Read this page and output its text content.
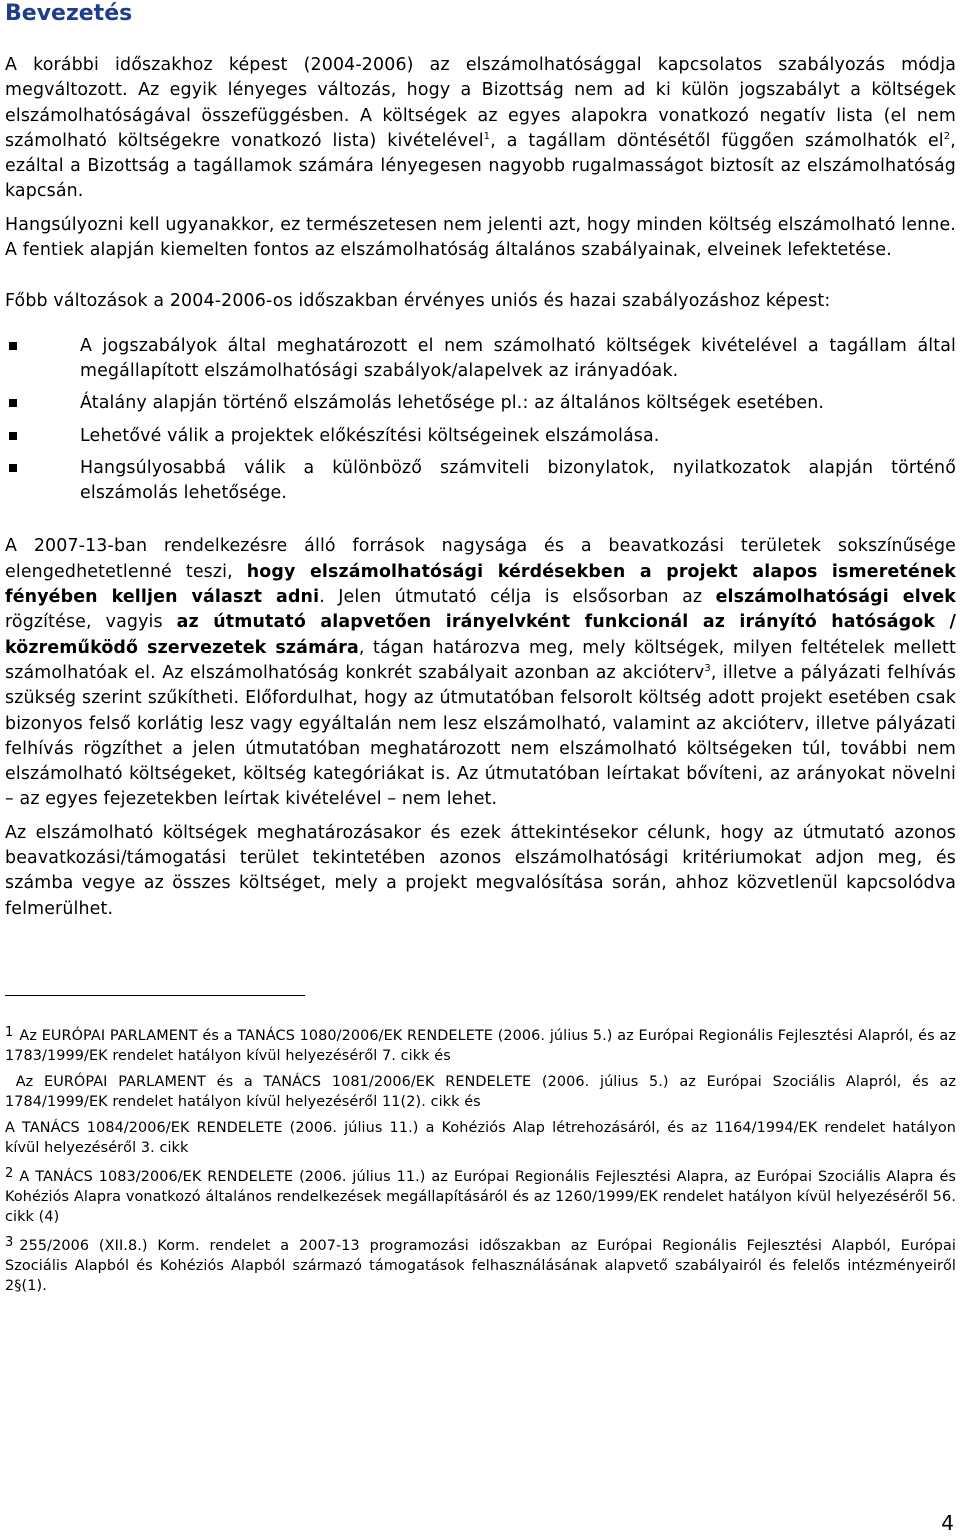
Bevezetés

A korábbi időszakhoz képest (2004-2006) az elszámolhatósággal kapcsolatos szabályozás módja megváltozott. Az egyik lényeges változás, hogy a Bizottság nem ad ki külön jogszabályt a költségek elszámolhatóságával összefüggésben. A költségek az egyes alapokra vonatkozó negatív lista (el nem számolható költségekre vonatkozó lista) kivételével$^1$, a tagállam döntésétől függően számolhatók $el^2$, ezáltal a Bizottság a tagállamok számára lényegesen nagyobb rugalmasságot biztosít az elszámolhatóság kapcsán.

Hangsúlyozni kell ugyanakkor, ez természetesen nem jelenti azt, hogy minden költség elszámolható lenne. A fentiek alapján kiemelten fontos az elszámolhatóság általános szabályainak, elveinek lefektetése.

Főbb változások a 2004-2006-os időszakban érvényes uniós és hazai szabályozáshoz képest:

A jogszabályok által meghatározott el nem számolható költségek kivételével a tagállam által megállapított elszámolhatósági szabályok/alapelvek az irányadóak.
Átalány alapján történő elszámolás lehetősége pl.: az általános költségek esetében.
Lehetővé válik a projektek előkészítési költségeinek elszámolása.
Hangsúlyosabbá válik a különböző számviteli bizonylatok, nyilatkozatok alapján történő elszámolás lehetősége.

A 2007-13-ban rendelkezésre álló források nagysága és a beavatkozási területek sokszínűsége elengedhetetlenné teszi, hogy elszámolhatósági kérdésekben a projekt alapos ismeretének fényében kelljen választ adni. Jelen útmutató célja is elsősorban az elszámolhatósági elvek rögzítése, vagyis az útmutató alapvetően irányelvként funkcionál az irányító hatóságok / közreműködő szervezetek számára, tágan határozva meg, mely költségek, milyen feltételek mellett számolhatóak el. Az elszámolhatóság konkrét szabályait azonban az akcióterv$^3$, illetve a pályázati felhívás szükség szerint szűkítheti. Előfordulhat, hogy az útmutatóban felsorolt költség adott projekt esetében csak bizonyos felső korlátig lesz vagy egyáltalán nem lesz elszámolható, valamint az akcióterv, illetve pályázati felhívás rögzíthet a jelen útmutatóban meghatározott nem elszámolható költségeken túl, további nem elszámolható költségeket, költség kategóriákat is. Az útmutatóban leírtakat bővíteni, az arányokat növelni – az egyes fejezetekben leírtak kivételével – nem lehet.

Az elszámolható költségek meghatározásakor és ezek áttekintésekor célunk, hogy az útmutató azonos beavatkozási/támogatási terület tekintetében azonos elszámolhatósági kritériumokat adjon meg, és számba vegye az összes költséget, mely a projekt megvalósítása során, ahhoz közvetlenül kapcsolódva felmerülhet.

1 Az EURÓPAI PARLAMENT és a TANÁCS 1080/2006/EK RENDELETE (2006. július 5.) az Európai Regionális Fejlesztési Alapról, és az 1783/1999/EK rendelet hatályon kívül helyezéséről 7. cikk és

Az EURÓPAI PARLAMENT és a TANÁCS 1081/2006/EK RENDELETE (2006. július 5.) az Európai Szociális Alapról, és az 1784/1999/EK rendelet hatályon kívül helyezéséről 11(2). cikk és

A TANÁCS 1084/2006/EK RENDELETE (2006. július 11.) a Kohéziós Alap létrehozásáról, és az 1164/1994/EK rendelet hatályon kívül helyezéséről 3. cikk

2 A TANÁCS 1083/2006/EK RENDELETE (2006. július 11.) az Európai Regionális Fejlesztési Alapra, az Európai Szociális Alapra és Kohéziós Alapra vonatkozó általános rendelkezések megállapításáról és az 1260/1999/EK rendelet hatályon kívül helyezéséről 56. cikk (4)

3 255/2006 (XII.8.) Korm. rendelet a 2007-13 programozási időszakban az Európai Regionális Fejlesztési Alapból, Európai Szociális Alapból és Kohéziós Alapból származó támogatások felhasználásának alapvető szabályairól és felelős intézményeiről 2§(1).

4
